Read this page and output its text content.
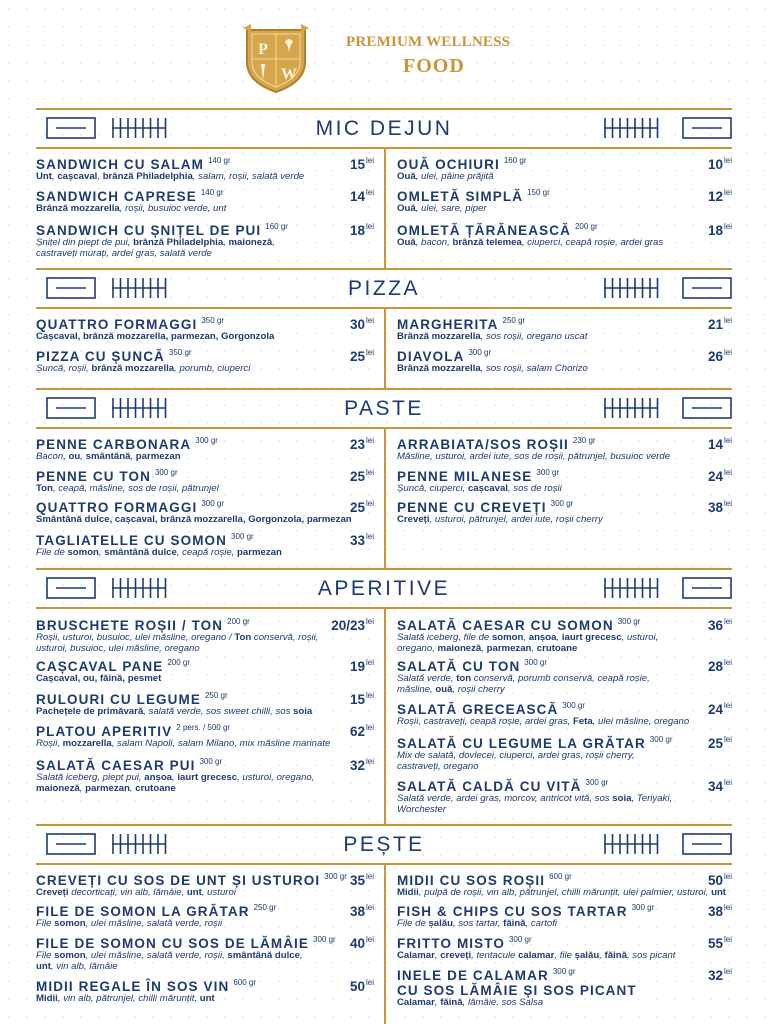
P
W
PREMIUM WELLNESS
FOOD
MIC DEJUN
PIZZA
PASTE
APERITIVE
PEȘTE
SANDWICH CU SALAM $^{140 gr}$	$15^{lei}$
Unt, cașcaval, brânză Philadelphia, salam, roșii, salată verde
SANDWICH CAPRESE $^{140 gr}$	$14^{lei}$
Brânză mozzarella, roșii, busuioc verde, unt
SANDWICH CU ȘNIȚEL DE PUI $^{160 gr}$	$18^{lei}$
Șnițel din piept de pui, brânză Philadelphia, maioneză,
castraveți murați, ardei gras, salată verde
OUĂ OCHIURI $^{160 gr}$	$10^{lei}$
Ouă, ulei, pâine prăjită
OMLETĂ SIMPLĂ $^{150 gr}$	$12^{lei}$
Ouă, ulei, sare, piper
OMLETĂ ȚĂRĂNEASCĂ $^{200 gr}$	$18^{lei}$
Ouă, bacon, brânză telemea, ciuperci, ceapă roșie, ardei gras
QUATTRO FORMAGGI $^{350 gr}$	$30^{lei}$
Cașcaval, brânză mozzarella, parmezan, Gorgonzola
PIZZA CU ȘUNCĂ $^{350 gr}$	$25^{lei}$
Șuncă, roșii, brânză mozzarella, porumb, ciuperci
MARGHERITA $^{250 gr}$	$21^{lei}$
Brânză mozzarella, sos roșii, oregano uscat
DIAVOLA $^{300 gr}$	$26^{lei}$
Brânză mozzarella, sos roșii, salam Chorizo
PENNE CARBONARA $^{300 gr}$	$23^{lei}$
Bacon, ou, smântână, parmezan
PENNE CU TON $^{300 gr}$	$25^{lei}$
Ton, ceapă, măsline, sos de roșii, pătrunjel
QUATTRO FORMAGGI $^{300 gr}$	$25^{lei}$
Smântână dulce, cașcaval, brânză mozzarella, Gorgonzola, parmezan
TAGLIATELLE CU SOMON $^{300 gr}$	$33^{lei}$
File de somon, smântână dulce, ceapă roșie, parmezan
ARRABIATA/SOS ROȘII $^{230 gr}$	$14^{lei}$
Măsline, usturoi, ardei iute, sos de roșii, pătrunjel, busuioc verde
PENNE MILANESE $^{300 gr}$	$24^{lei}$
Șuncă, ciuperci, cașcaval, sos de roșii
PENNE CU CREVEȚI $^{300 gr}$	$38^{lei}$
Creveți, usturoi, pătrunjel, ardei iute, roșii cherry
BRUSCHETE ROȘII / TON $^{200 gr}$	$20/23^{lei}$
Roșii, usturoi, busuioc, ulei măsline, oregano / Ton conservă, roșii,
usturoi, busuioc, ulei măsline, oregano
CAȘCAVAL PANE $^{200 gr}$	$19^{lei}$
Cașcaval, ou, făină, pesmet
RULOURI CU LEGUME $^{250 gr}$	$15^{lei}$
Pachețele de primăvară, salată verde, sos sweet chilli, sos soia
PLATOU APERITIV $^{2 pers. / 500 gr}$	$62^{lei}$
Roșii, mozzarella, salam Napoli, salam Milano, mix măsline marinate
SALATĂ CAESAR PUI $^{300 gr}$	$32^{lei}$
Salată iceberg, piept pui, anșoa, iaurt grecesc, usturoi, oregano,
maioneză, parmezan, crutoane
SALATĂ CAESAR CU SOMON $^{300 gr}$	$36^{lei}$
Salată iceberg, file de somon, anșoa, iaurt grecesc, usturoi,
oregano, maioneză, parmezan, crutoane
SALATĂ CU TON $^{300 gr}$	$28^{lei}$
Salată verde, ton conservă, porumb conservă, ceapă roșie,
măsline, ouă, roșii cherry
SALATĂ GRECEASCĂ $^{300 gr}$	$24^{lei}$
Roșii, castraveți, ceapă roșie, ardei gras, Feta, ulei măsline, oregano
SALATĂ CU LEGUME LA GRĂTAR $^{300 gr}$	$25^{lei}$
Mix de salată, dovlecei, ciuperci, ardei gras, roșii cherry,
castraveți, oregano
SALATĂ CALDĂ CU VITĂ $^{300 gr}$	$34^{lei}$
Salată verde, ardei gras, morcov, antricot vită, sos soia, Teriyaki,
Worchester
CREVEȚI CU SOS DE UNT ȘI USTUROI $^{300 gr}$ $35^{lei}$
Creveți decorticați, vin alb, lămâie, unt, usturoi
FILE DE SOMON LA GRĂTAR $^{250 gr}$	$38^{lei}$
File somon, ulei măsline, salată verde, roșii
FILE DE SOMON CU SOS DE LĂMÂIE $^{300 gr}$ $40^{lei}$
File somon, ulei măsline, salată verde, roșii, smântână dulce,
unt, vin alb, lămâie
MIDII REGALE ÎN SOS VIN $^{600 gr}$	$50^{lei}$
Midii, vin alb, pătrunjel, chilli mărunțit, unt
MIDII CU SOS ROȘII $^{600 gr}$	$50^{lei}$
Midii, pulpă de roșii, vin alb, pătrunjel, chilli mărunțit, ulei palmier, usturoi, unt
FISH & CHIPS CU SOS TARTAR $^{300 gr}$	$38^{lei}$
File de șalău, sos tartar, făină, cartofi
FRITTO MISTO $^{300 gr}$	$55^{lei}$
Calamar, creveți, tentacule calamar, file șalău, făină, sos picant
INELE DE CALAMAR $^{300 gr}$	$32^{lei}$
CU SOS LĂMÂIE ȘI SOS PICANT
Calamar, făină, lămâie, sos Salsa
